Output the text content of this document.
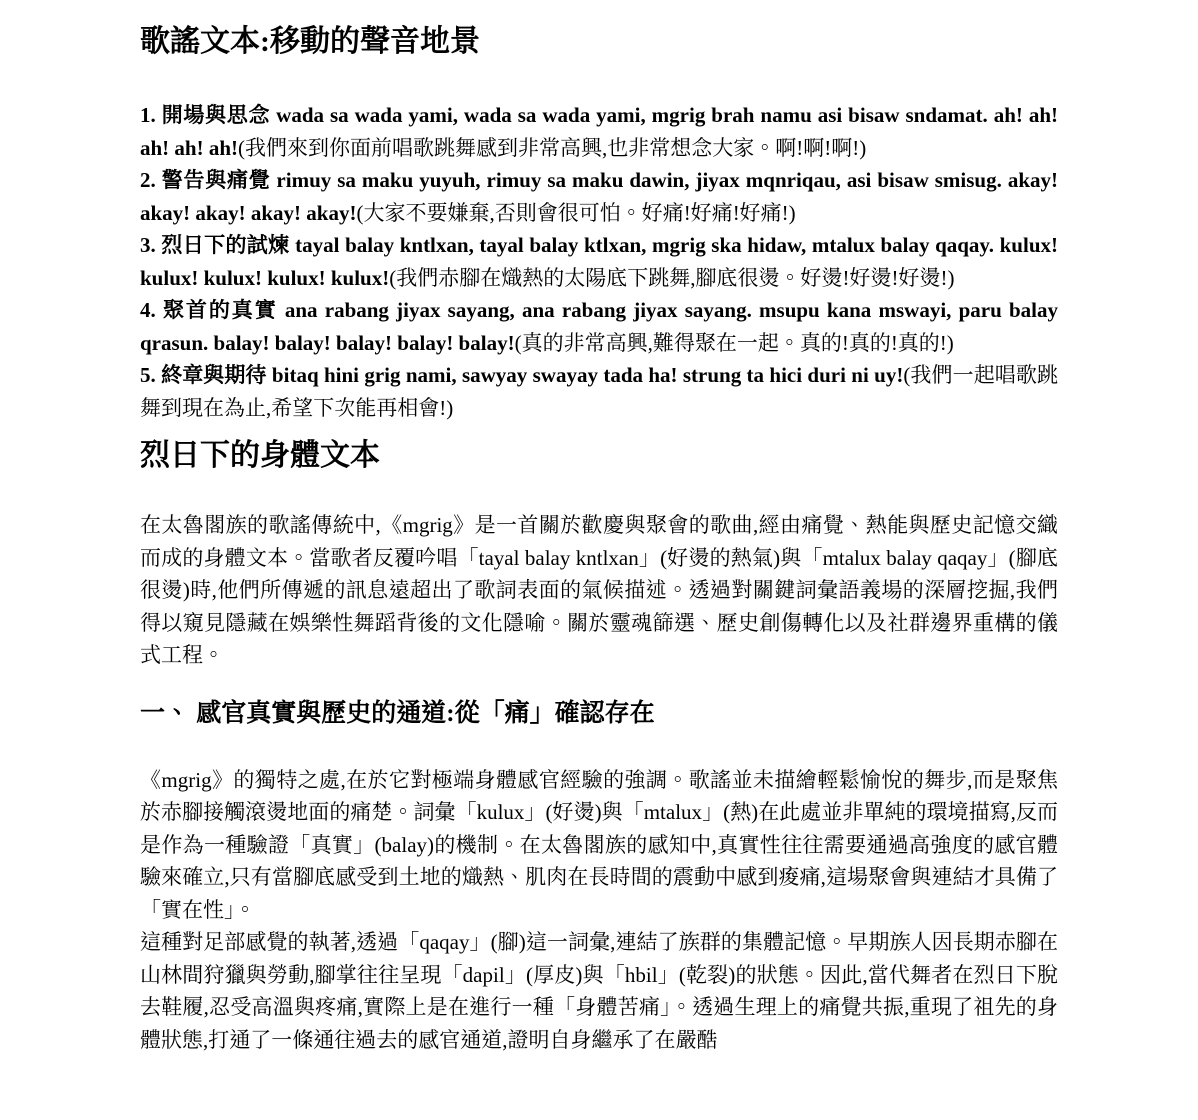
歌謠文本:移動的聲音地景

1. 開場與思念 wada sa wada yami, wada sa wada yami, mgrig brah namu asi bisaw sndamat. ah! ah! ah! ah! ah!(我們來到你面前唱歌跳舞感到非常高興,也非常想念大家。啊!啊!啊!)

2. 警告與痛覺 rimuy sa maku yuyuh, rimuy sa maku dawin, jiyax mqnriqau, asi bisaw smisug. akay! akay! akay! akay! akay!(大家不要嫌棄,否則會很可怕。好痛!好痛!好痛!)

3. 烈日下的試煉 tayal balay kntlxan, tayal balay ktlxan, mgrig ska hidaw, mtalux balay qaqay. kulux! kulux! kulux! kulux! kulux!(我們赤腳在熾熱的太陽底下跳舞,腳底很燙。好燙!好燙!好燙!)

4. 聚首的真實 ana rabang jiyax sayang, ana rabang jiyax sayang. msupu kana mswayi, paru balay qrasun. balay! balay! balay! balay! balay!(真的非常高興,難得聚在一起。真的!真的!真的!)

5. 終章與期待 bitaq hini grig nami, sawyay swayay tada ha! strung ta hici duri ni uy!(我們一起唱歌跳舞到現在為止,希望下次能再相會!)

烈日下的身體文本

在太魯閣族的歌謠傳統中,《mgrig》是一首關於歡慶與聚會的歌曲,經由痛覺、熱能與歷史記憶交織而成的身體文本。當歌者反覆吟唱「tayal balay kntlxan」(好燙的熱氣)與「mtalux balay qaqay」(腳底很燙)時,他們所傳遞的訊息遠超出了歌詞表面的氣候描述。透過對關鍵詞彙語義場的深層挖掘,我們得以窺見隱藏在娛樂性舞蹈背後的文化隱喻。關於靈魂篩選、歷史創傷轉化以及社群邊界重構的儀式工程。

一、 感官真實與歷史的通道:從「痛」確認存在

《mgrig》的獨特之處,在於它對極端身體感官經驗的強調。歌謠並未描繪輕鬆愉悅的舞步,而是聚焦於赤腳接觸滾燙地面的痛楚。詞彙「kulux」(好燙)與「mtalux」(熱)在此處並非單純的環境描寫,反而是作為一種驗證「真實」(balay)的機制。在太魯閣族的感知中,真實性往往需要通過高強度的感官體驗來確立,只有當腳底感受到土地的熾熱、肌肉在長時間的震動中感到痠痛,這場聚會與連結才具備了「實在性」。

這種對足部感覺的執著,透過「qaqay」(腳)這一詞彙,連結了族群的集體記憶。早期族人因長期赤腳在山林間狩獵與勞動,腳掌往往呈現「dapil」(厚皮)與「hbil」(乾裂)的狀態。因此,當代舞者在烈日下脫去鞋履,忍受高溫與疼痛,實際上是在進行一種「身體苦痛」。透過生理上的痛覺共振,重現了祖先的身體狀態,打通了一條通往過去的感官通道,證明自身繼承了在嚴酷
